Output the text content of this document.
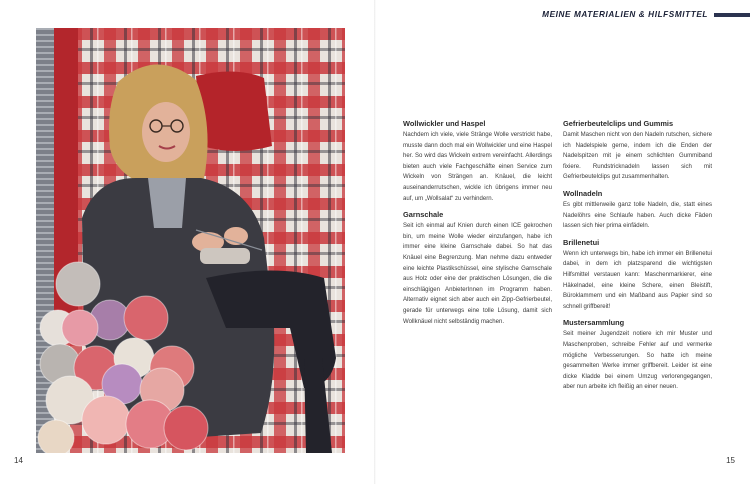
14
MEINE MATERIALIEN & HILFSMITTEL
Wollwickler und Haspel

Nachdem ich viele, viele Stränge Wolle verstrickt habe, musste dann doch mal ein Wollwickler und eine Haspel her. So wird das Wickeln extrem vereinfacht. Allerdings bieten auch viele Fachgeschäfte einen Service zum Wickeln von Strängen an. Knäuel, die leicht auseinanderrutschen, wickle ich übrigens immer neu auf, um „Wollsalat“ zu verhindern.

Garnschale

Seit ich einmal auf Knien durch einen ICE gekrochen bin, um meine Wolle wieder einzufangen, habe ich immer eine kleine Garnschale dabei. So hat das Knäuel eine Begrenzung. Man nehme dazu entweder eine leichte Plastikschüssel, eine stylische Garnschale aus Holz oder eine der praktischen Lösungen, die die einschlägigen AnbieterInnen im Programm haben. Alternativ eignet sich aber auch ein Zipp-Gefrierbeutel, gerade für unterwegs eine tolle Lösung, damit sich Wollknäuel nicht selbständig machen.

Gefrierbeutelclips und Gummis

Damit Maschen nicht von den Nadeln rutschen, sichere ich Nadelspiele gerne, indem ich die Enden der Nadelspitzen mit je einem schlichten Gummiband fixiere. Rundstricknadeln lassen sich mit Gefrierbeutelclips gut zusammenhalten.

Wollnadeln

Es gibt mittlerweile ganz tolle Nadeln, die, statt eines Nadelöhrs eine Schlaufe haben. Auch dicke Fäden lassen sich hier prima einfädeln.

Brillenetui

Wenn ich unterwegs bin, habe ich immer ein Brillenetui dabei, in dem ich platzsparend die wichtigsten Hilfsmittel verstauen kann: Maschenmarkierer, eine Häkelnadel, eine kleine Schere, einen Bleistift, Büroklammern und ein Maßband aus Papier sind so schnell griffbereit!

Mustersammlung

Seit meiner Jugendzeit notiere ich mir Muster und Maschenproben, schreibe Fehler auf und vermerke mögliche Verbesserungen. So hatte ich meine gesammelten Werke immer griffbereit. Leider ist eine dicke Kladde bei einem Umzug verlorengegangen, aber nun arbeite ich fleißig an einer neuen.

15
